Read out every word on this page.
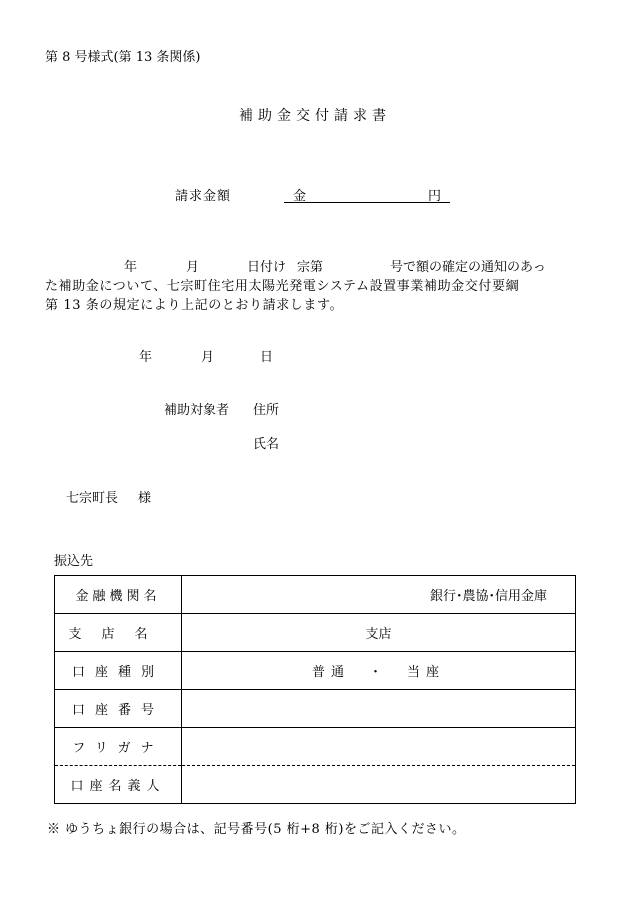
第 8 号様式(第 13 条関係)
補助金交付請求書
請求金額	金	円
年	月	日付け 宗第	号で額の確定の通知のあっ
た補助金について、七宗町住宅用太陽光発電システム設置事業補助金交付要綱
第 13 条の規定により上記のとおり請求します。
年	月	日
補助対象者 住所
氏名
七宗町長 様
振込先
金融機関名	銀行･農協･信用金庫
支店名	支店
口座種別	普通　・　当座
口座番号	
フリガナ	
口座名義人	
※ ゆうちょ銀行の場合は、記号番号(5 桁+8 桁)をご記入ください。
